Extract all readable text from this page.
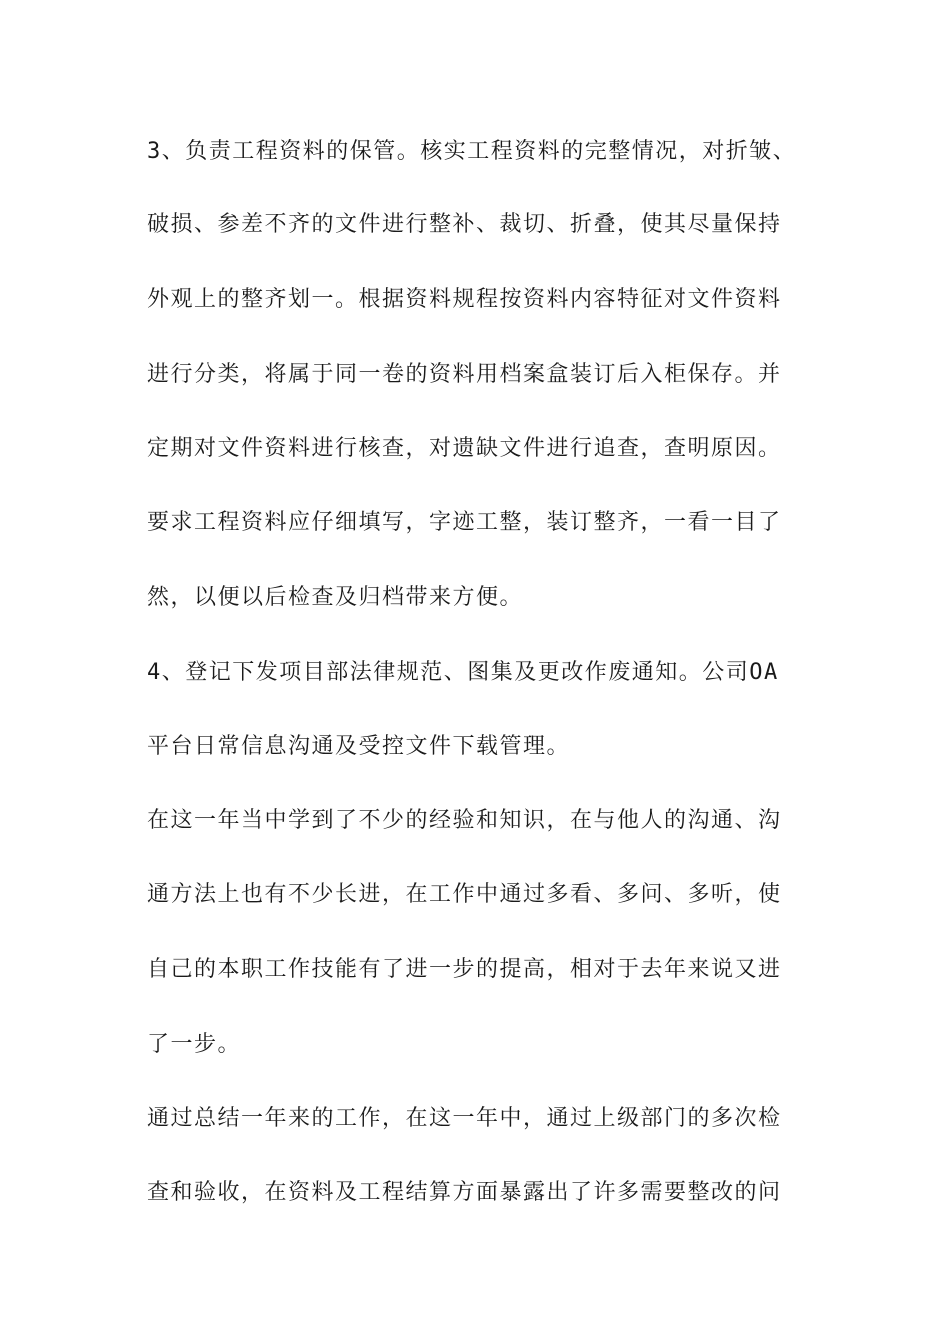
3、负责工程资料的保管。核实工程资料的完整情况，对折皱、
破损、参差不齐的文件进行整补、裁切、折叠，使其尽量保持
外观上的整齐划一。根据资料规程按资料内容特征对文件资料
进行分类，将属于同一卷的资料用档案盒装订后入柜保存。并
定期对文件资料进行核查，对遗缺文件进行追查，查明原因。
要求工程资料应仔细填写，字迹工整，装订整齐，一看一目了
然，以便以后检查及归档带来方便。
4、登记下发项目部法律规范、图集及更改作废通知。公司OA
平台日常信息沟通及受控文件下载管理。
在这一年当中学到了不少的经验和知识，在与他人的沟通、沟
通方法上也有不少长进，在工作中通过多看、多问、多听，使
自己的本职工作技能有了进一步的提高，相对于去年来说又进
了一步。
通过总结一年来的工作，在这一年中，通过上级部门的多次检
查和验收，在资料及工程结算方面暴露出了许多需要整改的问
